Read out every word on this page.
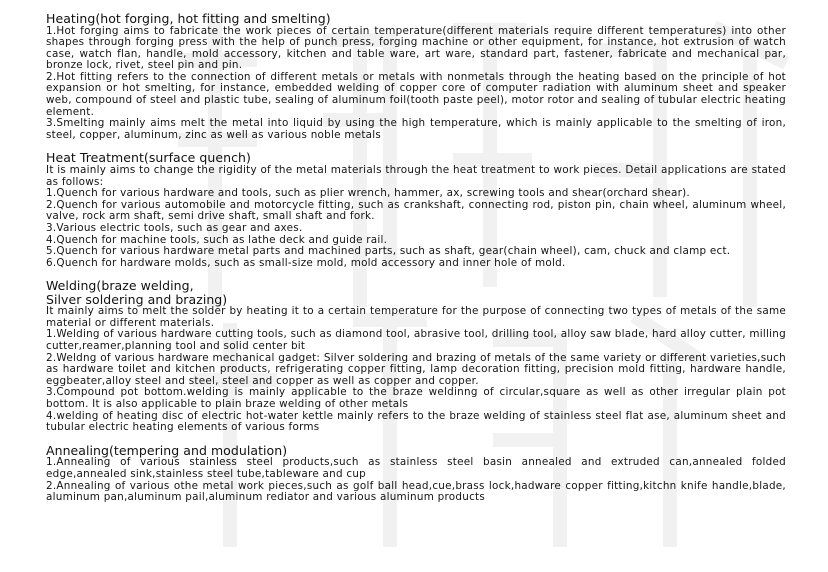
Heating(hot forging, hot fitting and smelting)

1.Hot forging aims to fabricate the work pieces of certain temperature(different materials require different temperatures) into other shapes through forging press with the help of punch press, forging machine or other equipment, for instance, hot extrusion of watch case, watch flan, handle, mold accessory, kitchen and table ware, art ware, standard part, fastener, fabricate and mechanical par, bronze lock, rivet, steel pin and pin.

2.Hot fitting refers to the connection of different metals or metals with nonmetals through the heating based on the principle of hot expansion or hot smelting, for instance, embedded welding of copper core of computer radiation with aluminum sheet and speaker web, compound of steel and plastic tube, sealing of aluminum foil(tooth paste peel), motor rotor and sealing of tubular electric heating element.

3.Smelting mainly aims melt the metal into liquid by using the high temperature, which is mainly applicable to the smelting of iron, steel, copper, aluminum, zinc as well as various noble metals

Heat Treatment(surface quench)

It is mainly aims to change the rigidity of the metal materials through the heat treatment to work pieces. Detail applications are stated as follows:

1.Quench for various hardware and tools, such as plier wrench, hammer, ax, screwing tools and shear(orchard shear).

2.Quench for various automobile and motorcycle fitting, such as crankshaft, connecting rod, piston pin, chain wheel, aluminum wheel, valve, rock arm shaft, semi drive shaft, small shaft and fork.

3.Various electric tools, such as gear and axes.

4.Quench for machine tools, such as lathe deck and guide rail.

5.Quench for various hardware metal parts and machined parts, such as shaft, gear(chain wheel), cam, chuck and clamp ect.

6.Quench for hardware molds, such as small-size mold, mold accessory and inner hole of mold.

Welding(braze welding,

Silver soldering and brazing)

It mainly aims to melt the solder by heating it to a certain temperature for the purpose of connecting two types of metals of the same material or different materials.

1.Welding of various hardware cutting tools, such as diamond tool, abrasive tool, drilling tool, alloy saw blade, hard alloy cutter, milling cutter,reamer,planning tool and solid center bit

2.Weldng of various hardware mechanical gadget: Silver soldering and brazing of metals of the same variety or different varieties,such as hardware toilet and kitchen products, refrigerating copper fitting, lamp decoration fitting, precision mold fitting, hardware handle, eggbeater,alloy steel and steel, steel and copper as well as copper and copper.

3.Compound pot bottom.welding is mainly applicable to the braze weldinng of circular,square as well as other irregular plain pot bottom. It is also applicable to plain braze welding of other metals

4.welding of heating disc of electric hot-water kettle mainly refers to the braze welding of stainless steel flat ase, aluminum sheet and tubular electric heating elements of various forms

Annealing(tempering and modulation)

1.Annealing of various stainless steel products,such as stainless steel basin annealed and extruded can,annealed folded edge,annealed sink,stainless steel tube,tableware and cup

2.Annealing of various othe metal work pieces,such as golf ball head,cue,brass lock,hadware copper fitting,kitchn knife handle,blade, aluminum pan,aluminum pail,aluminum rediator and various aluminum products
